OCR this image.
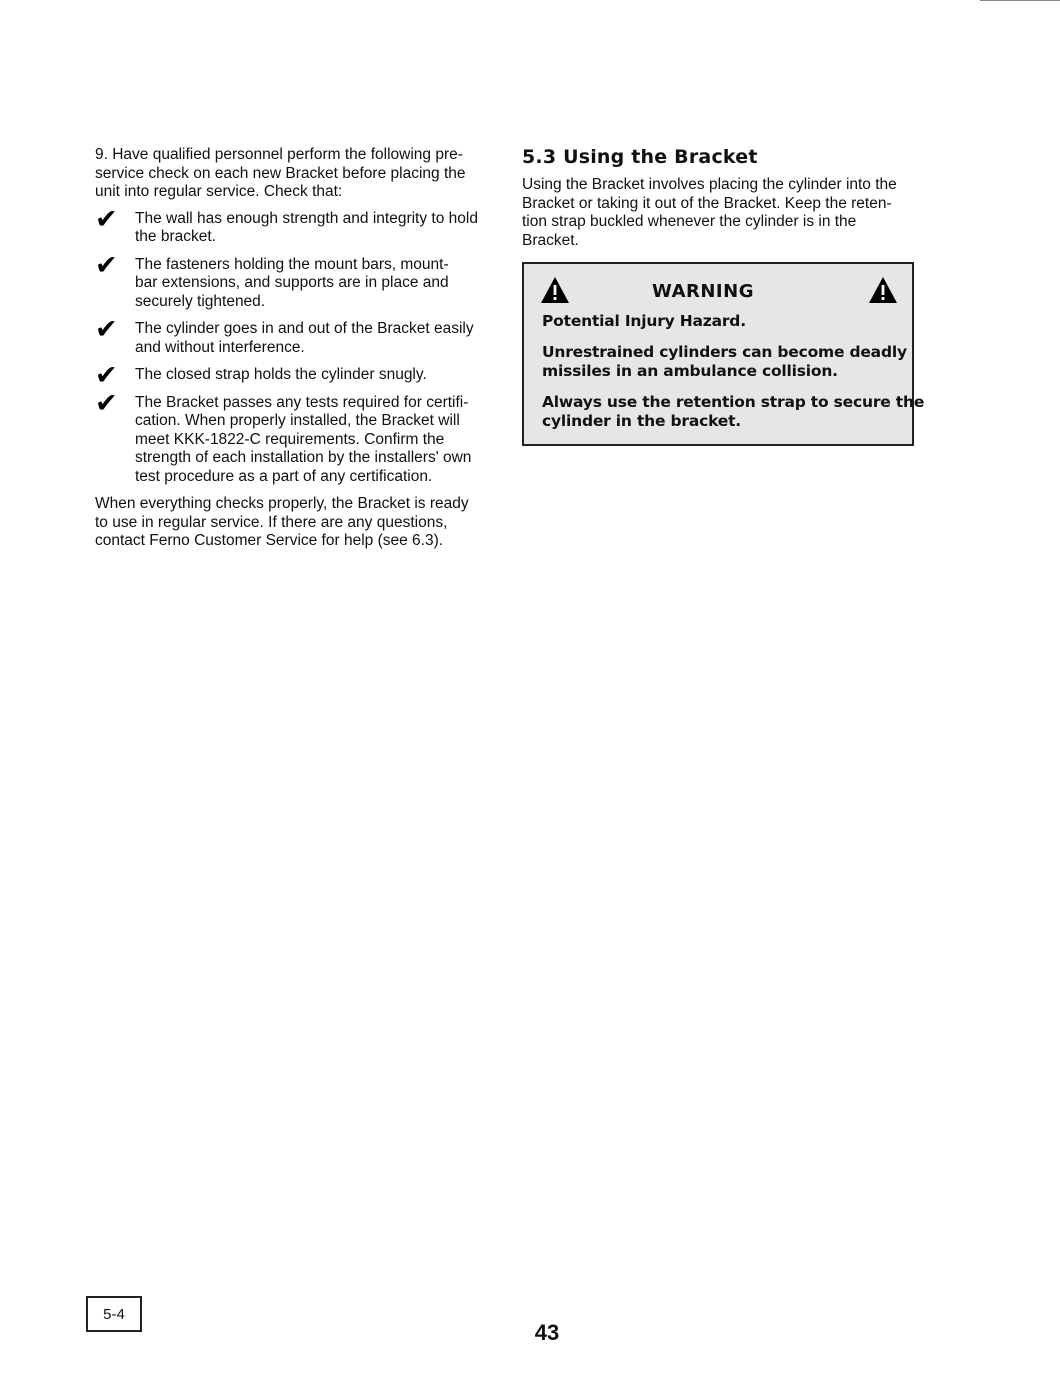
9. Have qualified personnel perform the following pre-
service check on each new Bracket before placing the
unit into regular service. Check that:

✔ The wall has enough strength and integrity to hold
the bracket.
✔ The fasteners holding the mount bars, mount-
bar extensions, and supports are in place and
securely tightened.
✔ The cylinder goes in and out of the Bracket easily
and without interference.
✔ The closed strap holds the cylinder snugly.
✔ The Bracket passes any tests required for certifi-
cation. When properly installed, the Bracket will
meet KKK-1822-C requirements. Confirm the
strength of each installation by the installers' own
test procedure as a part of any certification.

When everything checks properly, the Bracket is ready
to use in regular service. If there are any questions,
contact Ferno Customer Service for help (see 6.3).

5.3 Using the Bracket

Using the Bracket involves placing the cylinder into the
Bracket or taking it out of the Bracket. Keep the reten-
tion strap buckled whenever the cylinder is in the
Bracket.

WARNING

Potential Injury Hazard.

Unrestrained cylinders can become deadly
missiles in an ambulance collision.

Always use the retention strap to secure the
cylinder in the bracket.

5-4
43
